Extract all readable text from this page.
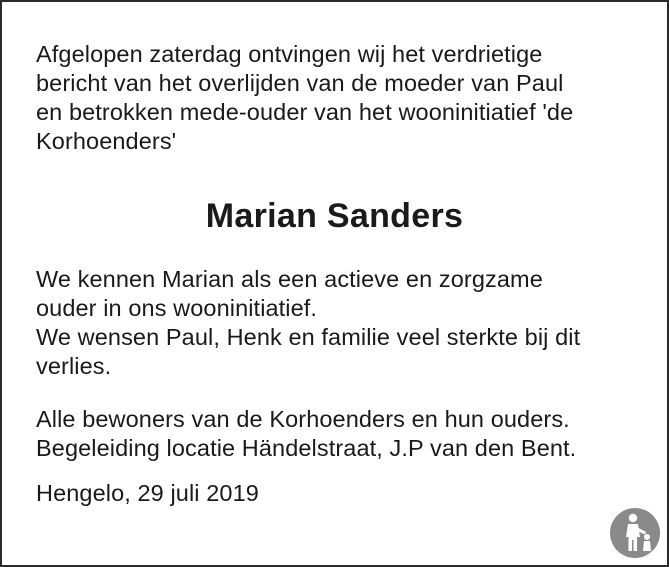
Afgelopen zaterdag ontvingen wij het verdrietige
bericht van het overlijden van de moeder van Paul
en betrokken mede-ouder van het wooninitiatief 'de
Korhoenders'

Marian Sanders

We kennen Marian als een actieve en zorgzame
ouder in ons wooninitiatief.
We wensen Paul, Henk en familie veel sterkte bij dit
verlies.

Alle bewoners van de Korhoenders en hun ouders.
Begeleiding locatie Händelstraat, J.P van den Bent.

Hengelo, 29 juli 2019
